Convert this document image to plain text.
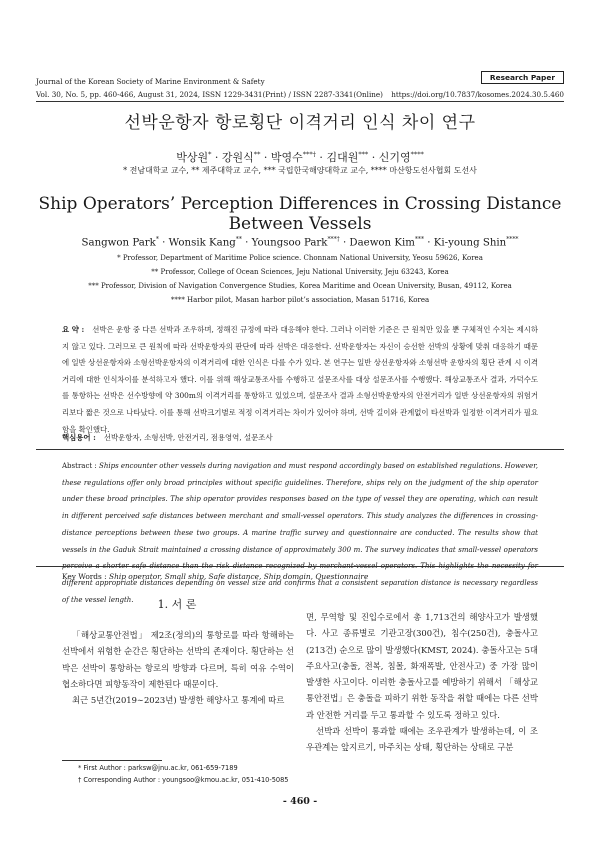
Journal of the Korean Society of Marine Environment & Safety	Research Paper
Vol. 30, No. 5, pp. 460-466, August 31, 2024, ISSN 1229-3431(Print) / ISSN 2287-3341(Online) https://doi.org/10.7837/kosomes.2024.30.5.460
선박운항자 항로횡단 이격거리 인식 차이 연구
박상원* · 강원식** · 박영수***† · 김대원*** · 신기영****
* 전남대학교 교수, ** 제주대학교 교수, *** 국립한국해양대학교 교수, **** 마산항도선사협회 도선사
Ship Operators’ Perception Differences in Crossing Distance Between Vessels
Sangwon Park* · Wonsik Kang** · Youngsoo Park***† · Daewon Kim*** · Ki-young Shin****
* Professor, Department of Maritime Police science. Chonnam National University, Yeosu 59626, Korea
** Professor, College of Ocean Sciences, Jeju National University, Jeju 63243, Korea
*** Professor, Division of Navigation Convergence Studies, Korea Maritime and Ocean University, Busan, 49112, Korea
**** Harbor pilot, Masan harbor pilot’s association, Masan 51716, Korea
요 약 : 선박은 운항 중 다른 선박과 조우하며, 정해진 규정에 따라 대응해야 한다. 그러나 이러한 기준은 큰 원칙만 있을 뿐 구체적인 수치는 제시하지 않고 있다. 그러므로 큰 원칙에 따라 선박운항자의 판단에 따라 선박은 대응한다. 선박운항자는 자신이 승선한 선박의 상황에 맞춰 대응하기 때문에 일반 상선운항자와 소형선박운항자의 이격거리에 대한 인식은 다를 수가 있다. 본 연구는 일반 상선운항자와 소형선박 운항자의 횡단 관계 시 이격거리에 대한 인식차이를 분석하고자 했다. 이를 위해 해상교통조사를 수행하고 설문조사를 대상 설문조사를 수행했다. 해상교통조사 결과, 가덕수도를 통항하는 선박은 선수방향에 약 300m의 이격거리를 통항하고 있었으며, 설문조사 결과 소형선박운항자의 안전거리가 일반 상선운항자의 위험거리보다 짧은 것으로 나타났다. 이를 통해 선박크기별로 적정 이격거리는 차이가 있어야 하며, 선박 길이와 관계없이 타선박과 일정한 이격거리가 필요함을 확인했다.
핵심용어 : 선박운항자, 소형선박, 안전거리, 점용영역, 설문조사
Abstract : Ships encounter other vessels during navigation and must respond accordingly based on established regulations. However, these regulations offer only broad principles without specific guidelines. Therefore, ships rely on the judgment of the ship operator under these broad principles. The ship operator provides responses based on the type of vessel they are operating, which can result in different perceived safe distances between merchant and small-vessel operators. This study analyzes the differences in crossing-distance perceptions between these two groups. A marine traffic survey and questionnaire are conducted. The results show that vessels in the Gaduk Strait maintained a crossing distance of approximately 300 m. The survey indicates that small-vessel operators perceive a shorter safe distance than the risk distance recognized by merchant-vessel operators. This highlights the necessity for different appropriate distances depending on vessel size and confirms that a consistent separation distance is necessary regardless of the vessel length.
Key Words : Ship operator, Small ship, Safe distance, Ship domain, Questionnaire
1. 서 론

「해상교통안전법」 제2조(정의)의 통항로를 따라 항해하는 선박에서 위험한 순간은 횡단하는 선박의 존재이다. 횡단하는 선박은 선박이 통항하는 항로의 방향과 다르며, 특히 여유 수역이 협소하다면 피항동작이 제한된다 때문이다.

최근 5년간(2019∼2023년) 발생한 해양사고 통계에 따르

면, 무역항 및 진입수로에서 총 1,713건의 해양사고가 발생했다. 사고 종류별로 기관고장(300건), 침수(250건), 충돌사고(213건) 순으로 많이 발생했다(KMST, 2024). 충돌사고는 5대 주요사고(충돌, 전복, 침몰, 화재폭발, 안전사고) 중 가장 많이 발생한 사고이다. 이러한 충돌사고를 예방하기 위해서 「해상교통안전법」은 충돌을 피하기 위한 동작을 취할 때에는 다른 선박과 안전한 거리를 두고 통과할 수 있도록 정하고 있다.

선박과 선박이 통과할 때에는 조우관계가 발생하는데, 이 조우관계는 앞지르기, 마주치는 상태, 횡단하는 상태로 구분

* First Author : parksw@jnu.ac.kr, 061-659-7189
† Corresponding Author : youngsoo@kmou.ac.kr, 051-410-5085
- 460 -
